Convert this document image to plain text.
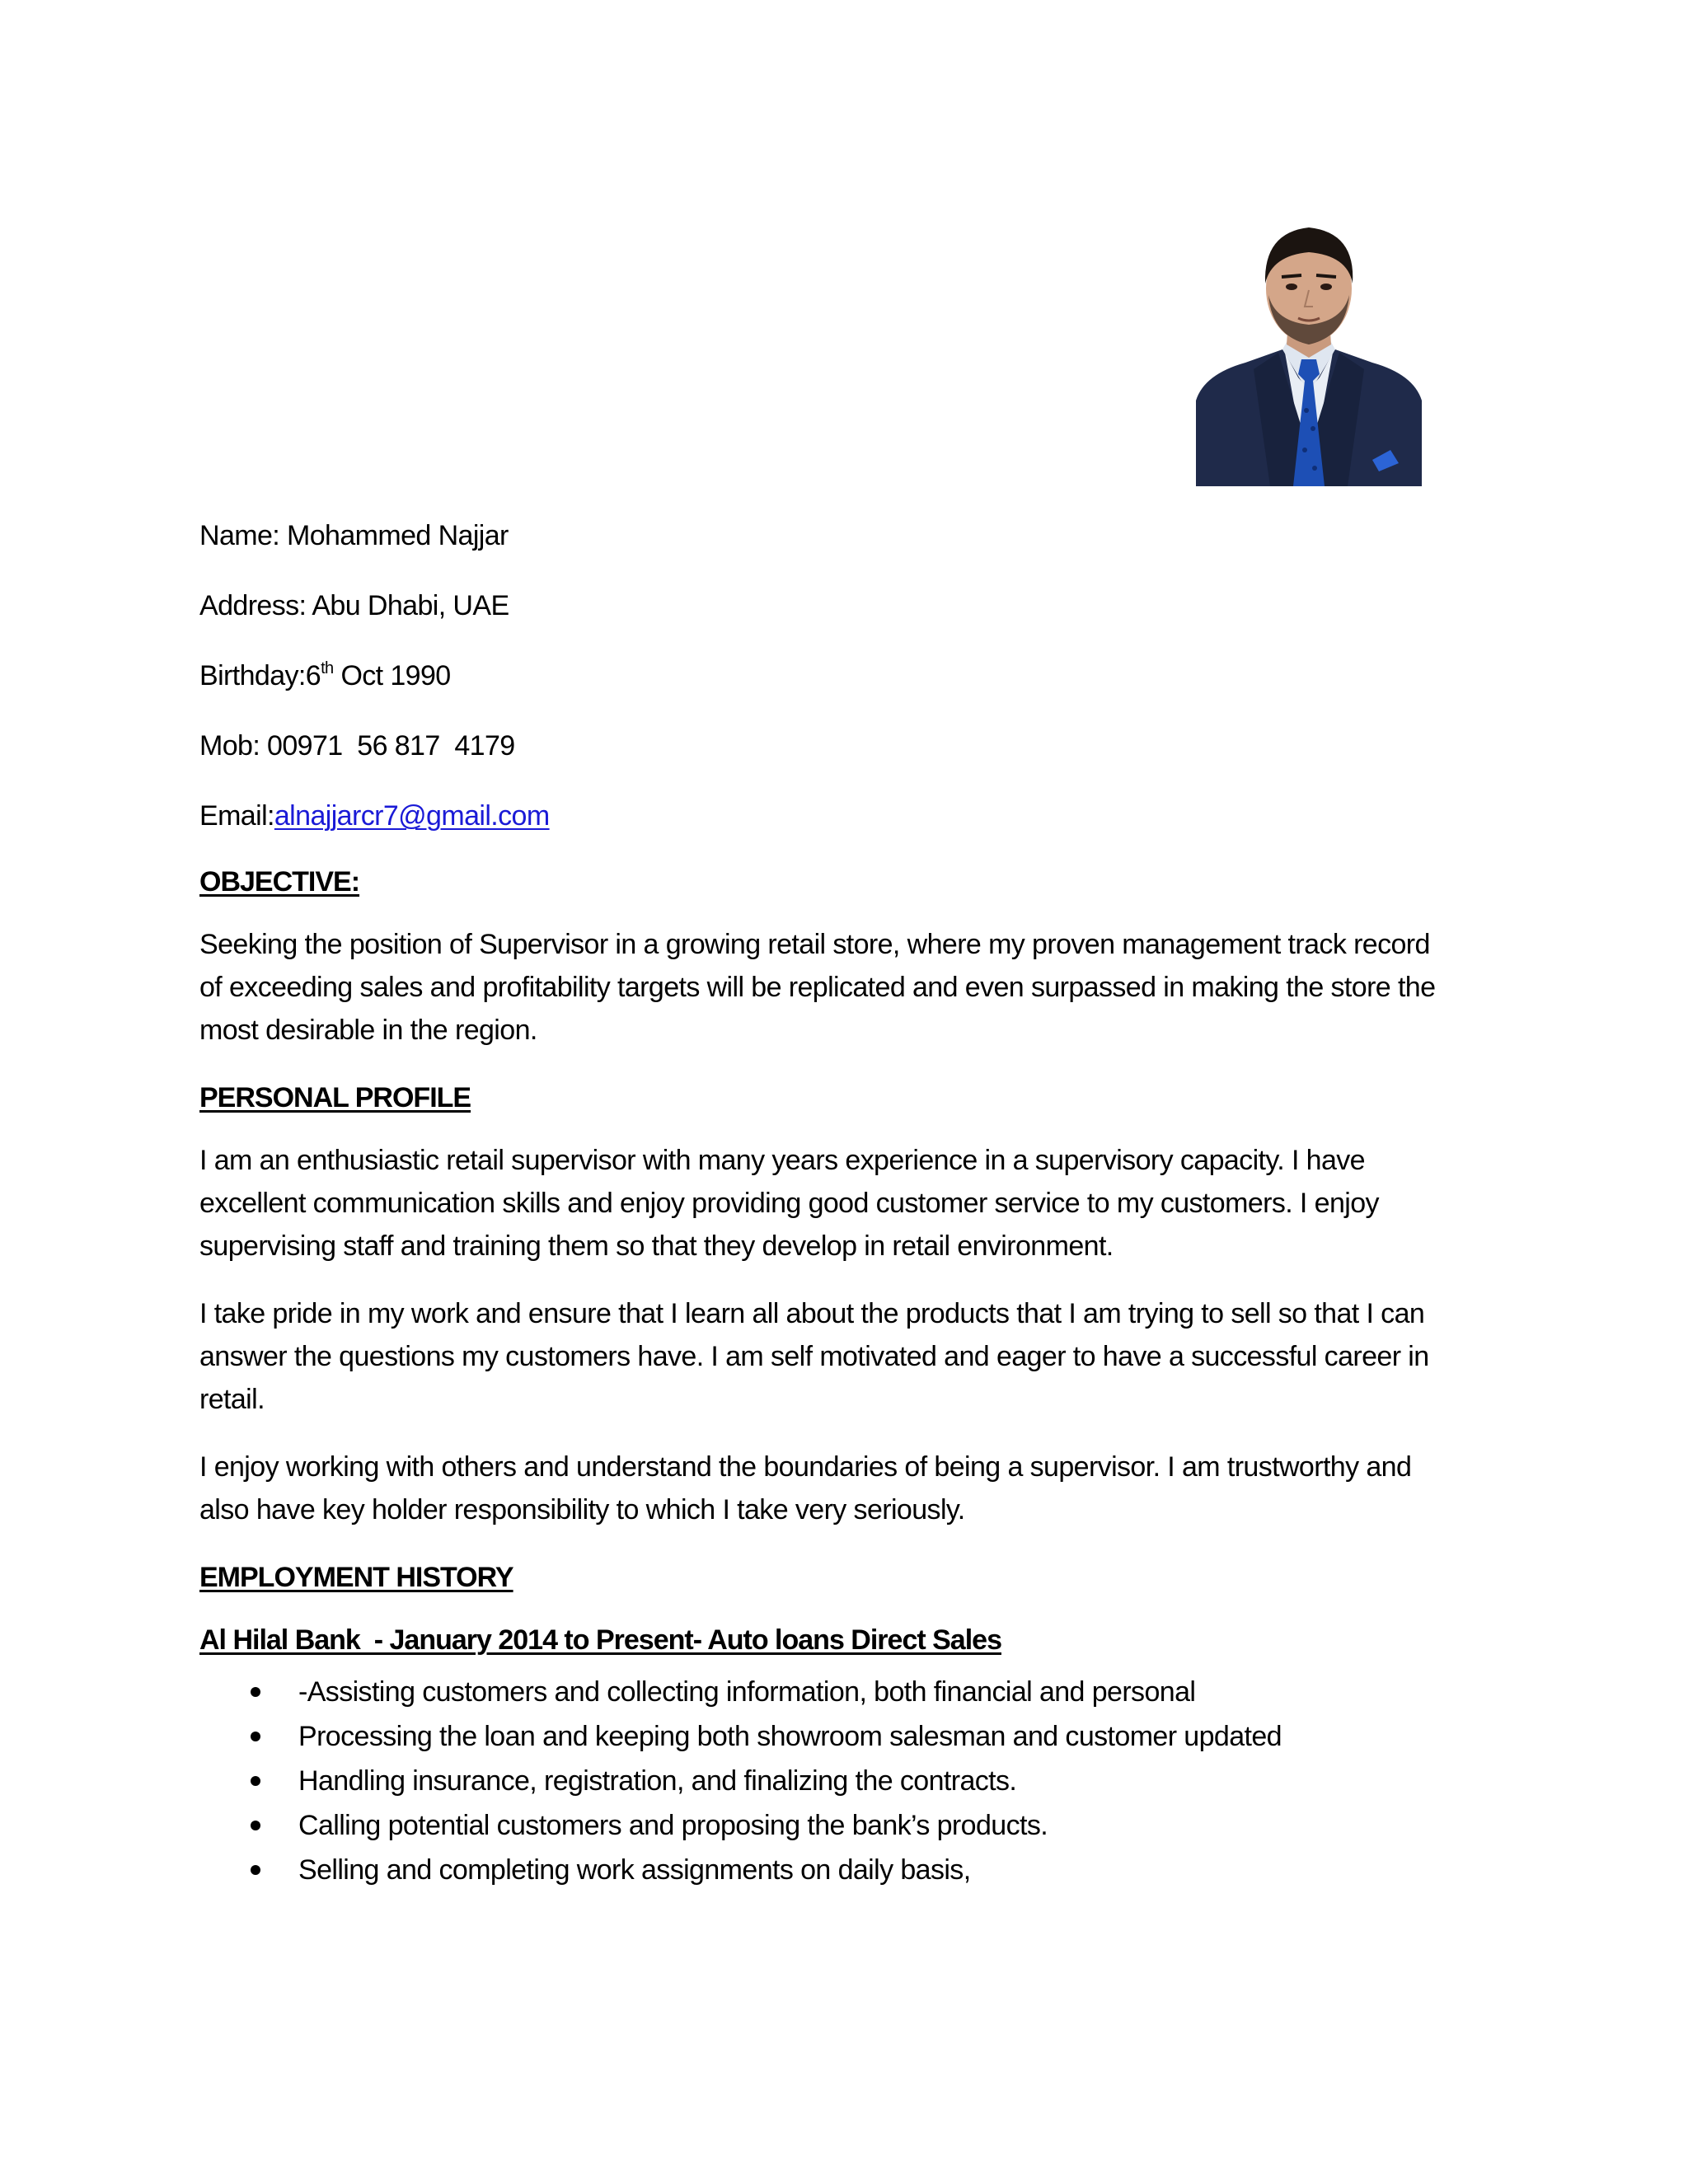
Name: Mohammed Najjar

Address: Abu Dhabi, UAE

Birthday:6th Oct 1990

Mob: 00971  56 817  4179

Email:alnajjarcr7@gmail.com

OBJECTIVE:

Seeking the position of Supervisor in a growing retail store, where my proven management track record
of exceeding sales and profitability targets will be replicated and even surpassed in making the store the
most desirable in the region.

PERSONAL PROFILE

I am an enthusiastic retail supervisor with many years experience in a supervisory capacity. I have
excellent communication skills and enjoy providing good customer service to my customers. I enjoy
supervising staff and training them so that they develop in retail environment.
I take pride in my work and ensure that I learn all about the products that I am trying to sell so that I can
answer the questions my customers have. I am self motivated and eager to have a successful career in
retail.
I enjoy working with others and understand the boundaries of being a supervisor. I am trustworthy and
also have key holder responsibility to which I take very seriously.

EMPLOYMENT HISTORY

Al Hilal Bank  - January 2014 to Present- Auto loans Direct Sales

-Assisting customers and collecting information, both financial and personal
Processing the loan and keeping both showroom salesman and customer updated
Handling insurance, registration, and finalizing the contracts.
Calling potential customers and proposing the bank’s products.
Selling and completing work assignments on daily basis,
